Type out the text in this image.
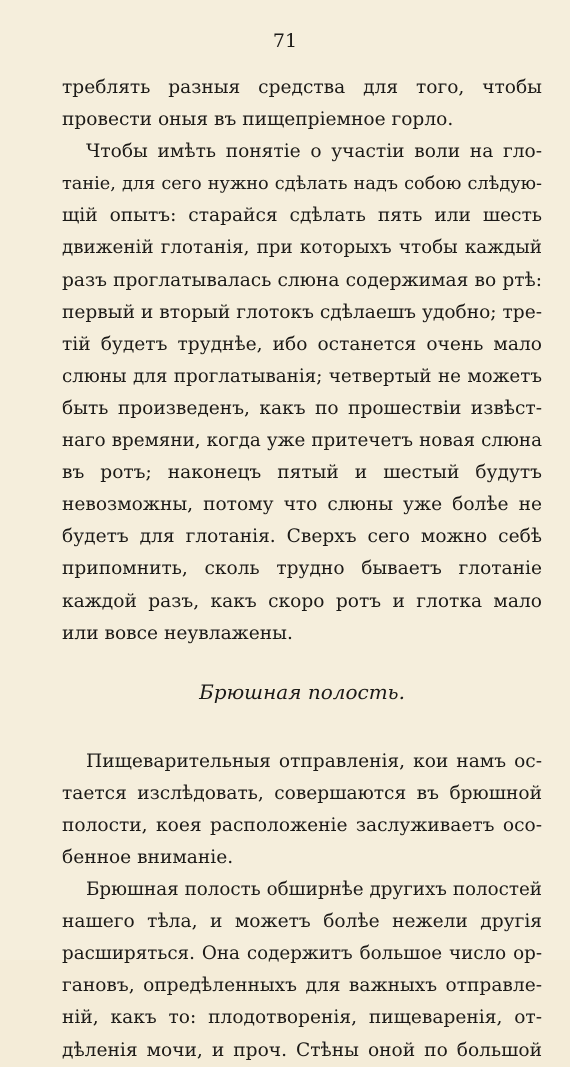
71
треблять разныя средства для того, чтобы
провести оныя въ пищепріемное горло.
Чтобы имѣть понятіе о участіи воли на гло-
таніе, для сего нужно сдѣлать надъ собою слѣдую-
щій опытъ: старайся сдѣлать пять или шесть
движеній глотанія, при которыхъ чтобы каждый
разъ проглатывалась слюна содержимая во ртѣ:
первый и вторый глотокъ сдѣлаешъ удобно; тре-
тій будетъ труднѣе, ибо останется очень мало
слюны для проглатыванія; четвертый не можетъ
быть произведенъ, какъ по прошествіи извѣст-
наго времяни, когда уже притечетъ новая слюна
въ ротъ; наконецъ пятый и шестый будутъ
невозможны, потому что слюны уже болѣе не
будетъ для глотанія. Сверхъ сего можно себѣ
припомнить, сколь трудно бываетъ глотаніе
каждой разъ, какъ скоро ротъ и глотка мало
или вовсе неувлажены.
Брюшная полость.
Пищеварительныя отправленія, кои намъ ос-
тается изслѣдовать, совершаются въ брюшной
полости, коея расположеніе заслуживаетъ осо-
бенное вниманіе.
Брюшная полость обширнѣе другихъ полостей
нашего тѣла, и можетъ болѣе нежели другія
расширяться. Она содержитъ большое число ор-
гановъ, опредѣленныхъ для важныхъ отправле-
ній, какъ то: плодотворенія, пищеваренія, от-
дѣленія мочи, и проч. Стѣны оной по большой
